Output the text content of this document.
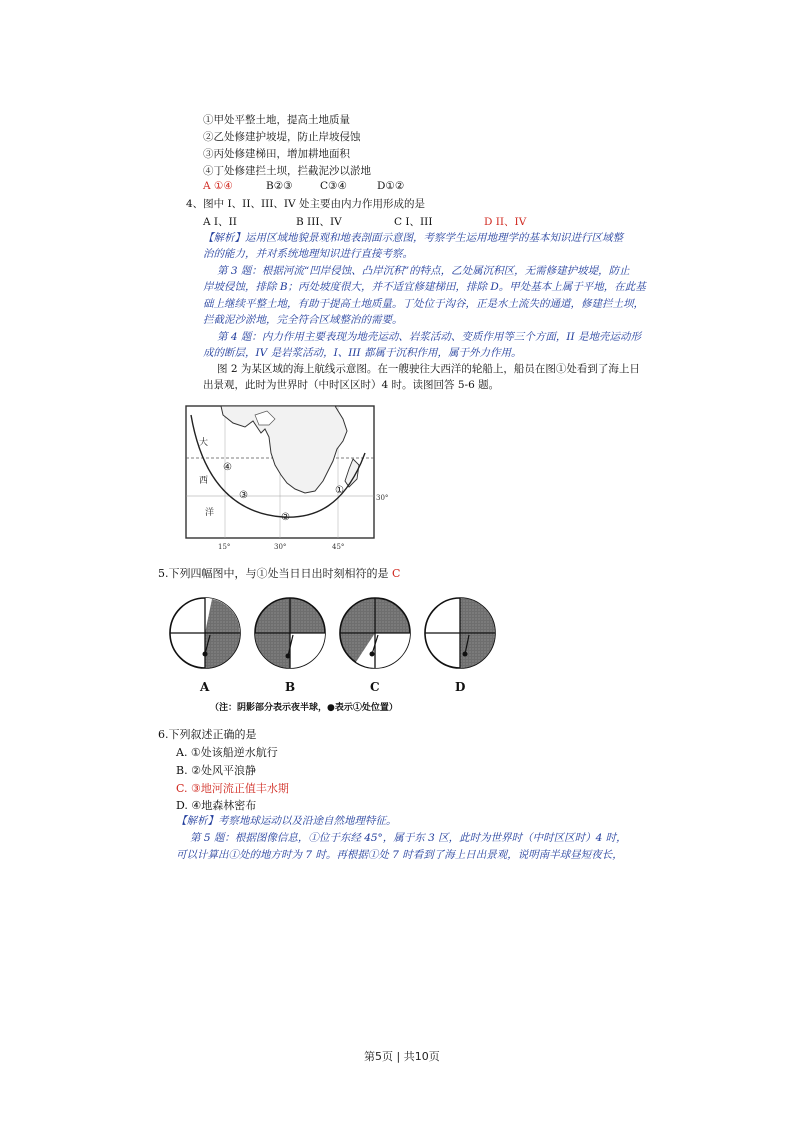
①甲处平整土地，提高土地质量
②乙处修建护坡堤，防止岸坡侵蚀
③丙处修建梯田，增加耕地面积
④丁处修建拦土坝，拦截泥沙以淤地
A ①④	B②③	C③④	D①②
4、图中 I、II、III、IV 处主要由内力作用形成的是
A I、II	B III、IV	C I、III	D II、IV
【解析】运用区域地貌景观和地表剖面示意图，考察学生运用地理学的基本知识进行区域整
治的能力，并对系统地理知识进行直接考察。
第 3 题：根据河流“凹岸侵蚀、凸岸沉积”的特点，乙处属沉积区，无需修建护坡堤，防止
岸坡侵蚀，排除 B；丙处坡度很大，并不适宜修建梯田，排除 D。甲处基本上属于平地，在此基
础上继续平整土地，有助于提高土地质量。丁处位于沟谷，正是水土流失的通道，修建拦土坝，
拦截泥沙淤地，完全符合区域整治的需要。
第 4 题：内力作用主要表现为地壳运动、岩浆活动、变质作用等三个方面，II 是地壳运动形
成的断层，IV 是岩浆活动，I、III 都属于沉积作用，属于外力作用。
图 2 为某区域的海上航线示意图。在一艘驶往大西洋的轮船上，船员在图①处看到了海上日
出景观，此时为世界时（中时区区时）4 时。读图回答 5-6 题。
大
西
洋
④
③
②
①
30°
15°	30°	45°
5.下列四幅图中，与①处当日日出时刻相符的是 C
A	B	C	D
（注：阴影部分表示夜半球，●表示①处位置）
6.下列叙述正确的是
A. ①处该船逆水航行
B. ②处风平浪静
C. ③地河流正值丰水期
D. ④地森林密布
【解析】考察地球运动以及沿途自然地理特征。
第 5 题：根据图像信息，①位于东经 45°，属于东 3 区，此时为世界时（中时区区时）4 时，
可以计算出①处的地方时为 7 时。再根据①处 7 时看到了海上日出景观，说明南半球昼短夜长，
第5页 | 共10页
